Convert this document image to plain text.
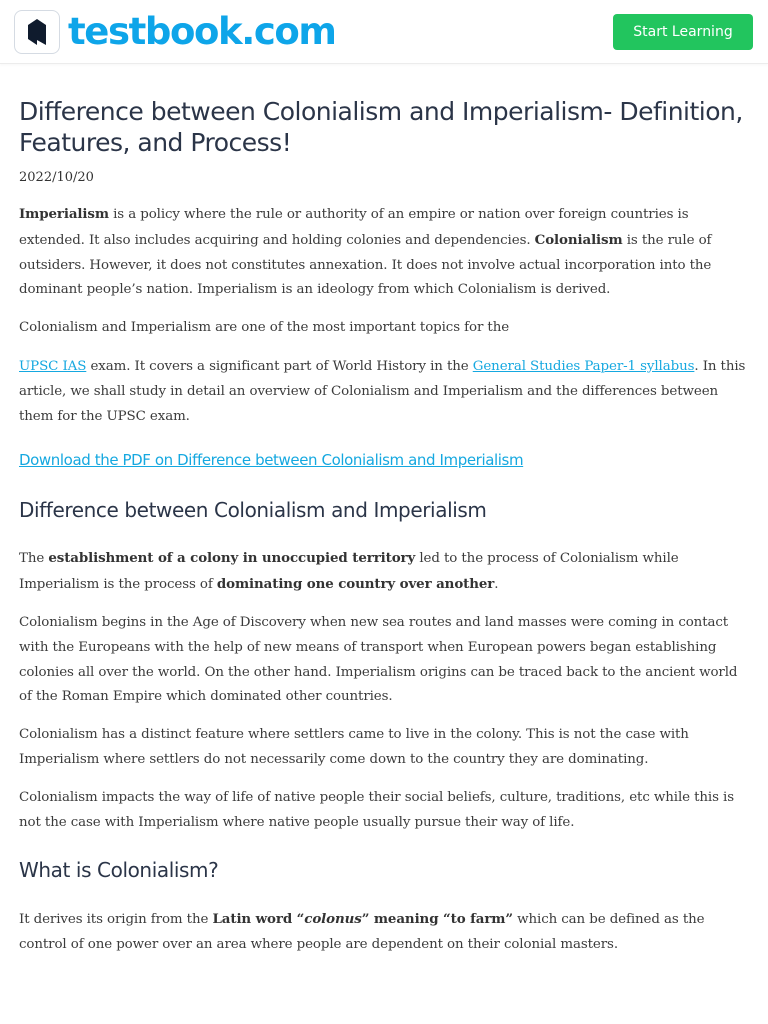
testbook.com	Start Learning
Difference between Colonialism and Imperialism- Definition, Features, and Process!
2022/10/20

Imperialism is a policy where the rule or authority of an empire or nation over foreign countries is extended. It also includes acquiring and holding colonies and dependencies. Colonialism is the rule of outsiders. However, it does not constitutes annexation. It does not involve actual incorporation into the dominant people’s nation. Imperialism is an ideology from which Colonialism is derived.

Colonialism and Imperialism are one of the most important topics for the

UPSC IAS exam. It covers a significant part of World History in the General Studies Paper-1 syllabus. In this article, we shall study in detail an overview of Colonialism and Imperialism and the differences between them for the UPSC exam.

Download the PDF on Difference between Colonialism and Imperialism
Difference between Colonialism and Imperialism

The establishment of a colony in unoccupied territory led to the process of Colonialism while Imperialism is the process of dominating one country over another.

Colonialism begins in the Age of Discovery when new sea routes and land masses were coming in contact with the Europeans with the help of new means of transport when European powers began establishing colonies all over the world. On the other hand. Imperialism origins can be traced back to the ancient world of the Roman Empire which dominated other countries.

Colonialism has a distinct feature where settlers came to live in the colony. This is not the case with Imperialism where settlers do not necessarily come down to the country they are dominating.

Colonialism impacts the way of life of native people their social beliefs, culture, traditions, etc while this is not the case with Imperialism where native people usually pursue their way of life.

What is Colonialism?

It derives its origin from the Latin word “colonus” meaning “to farm” which can be defined as the control of one power over an area where people are dependent on their colonial masters.
